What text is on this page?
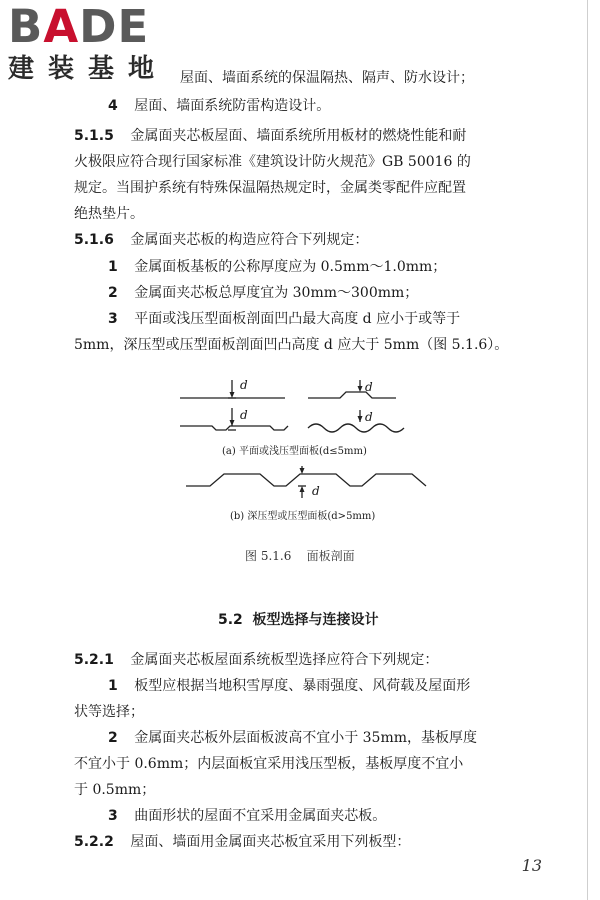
BADE
建装基地 屋面、墙面系统的保温隔热、隔声、防水设计；
4 屋面、墙面系统防雷构造设计。
5.1.5 金属面夹芯板屋面、墙面系统所用板材的燃烧性能和耐
火极限应符合现行国家标准《建筑设计防火规范》GB 50016 的
规定。当围护系统有特殊保温隔热规定时，金属类零配件应配置
绝热垫片。
5.1.6 金属面夹芯板的构造应符合下列规定：
1 金属面板基板的公称厚度应为 0.5mm～1.0mm；
2 金属面夹芯板总厚度宜为 30mm～300mm；
3 平面或浅压型面板剖面凹凸最大高度 d 应小于或等于
5mm，深压型或压型面板剖面凹凸高度 d 应大于 5mm（图 5.1.6）。
d
d
d
d
(a) 平面或浅压型面板(d≤5mm)
d
(b) 深压型或压型面板(d>5mm)
图 5.1.6    面板剖面
5.2  板型选择与连接设计
5.2.1 金属面夹芯板屋面系统板型选择应符合下列规定：
1 板型应根据当地积雪厚度、暴雨强度、风荷载及屋面形
状等选择；
2 金属面夹芯板外层面板波高不宜小于 35mm，基板厚度
不宜小于 0.6mm；内层面板宜采用浅压型板，基板厚度不宜小
于 0.5mm；
3 曲面形状的屋面不宜采用金属面夹芯板。
5.2.2 屋面、墙面用金属面夹芯板宜采用下列板型：
13
